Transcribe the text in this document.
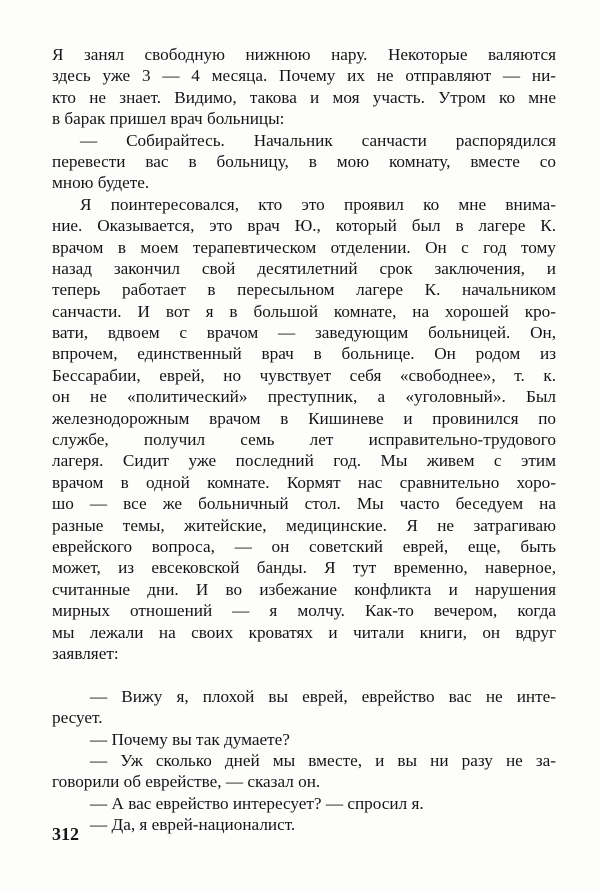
Я занял свободную нижнюю нару. Некоторые валяются
здесь уже 3 — 4 месяца. Почему их не отправляют — ни-
кто не знает. Видимо, такова и моя участь. Утром ко мне
в барак пришел врач больницы:
— Собирайтесь. Начальник санчасти распорядился
перевести вас в больницу, в мою комнату, вместе со
мною будете.
Я поинтересовался, кто это проявил ко мне внима-
ние. Оказывается, это врач Ю., который был в лагере К.
врачом в моем терапевтическом отделении. Он с год тому
назад закончил свой десятилетний срок заключения, и
теперь работает в пересыльном лагере К. начальником
санчасти. И вот я в большой комнате, на хорошей кро-
вати, вдвоем с врачом — заведующим больницей. Он,
впрочем, единственный врач в больнице. Он родом из
Бессарабии, еврей, но чувствует себя «свободнее», т. к.
он не «политический» преступник, а «уголовный». Был
железнодорожным врачом в Кишиневе и провинился по
службе, получил семь лет исправительно-трудового
лагеря. Сидит уже последний год. Мы живем с этим
врачом в одной комнате. Кормят нас сравнительно хоро-
шо — все же больничный стол. Мы часто беседуем на
разные темы, житейские, медицинские. Я не затрагиваю
еврейского вопроса, — он советский еврей, еще, быть
может, из евсековской банды. Я тут временно, наверное,
считанные дни. И во избежание конфликта и нарушения
мирных отношений — я молчу. Как-то вечером, когда
мы лежали на своих кроватях и читали книги, он вдруг
заявляет:
— Вижу я, плохой вы еврей, еврейство вас не инте-
ресует.
— Почему вы так думаете?
— Уж сколько дней мы вместе, и вы ни разу не за-
говорили об еврействе, — сказал он.
— А вас еврейство интересует? — спросил я.
— Да, я еврей-националист.
312
